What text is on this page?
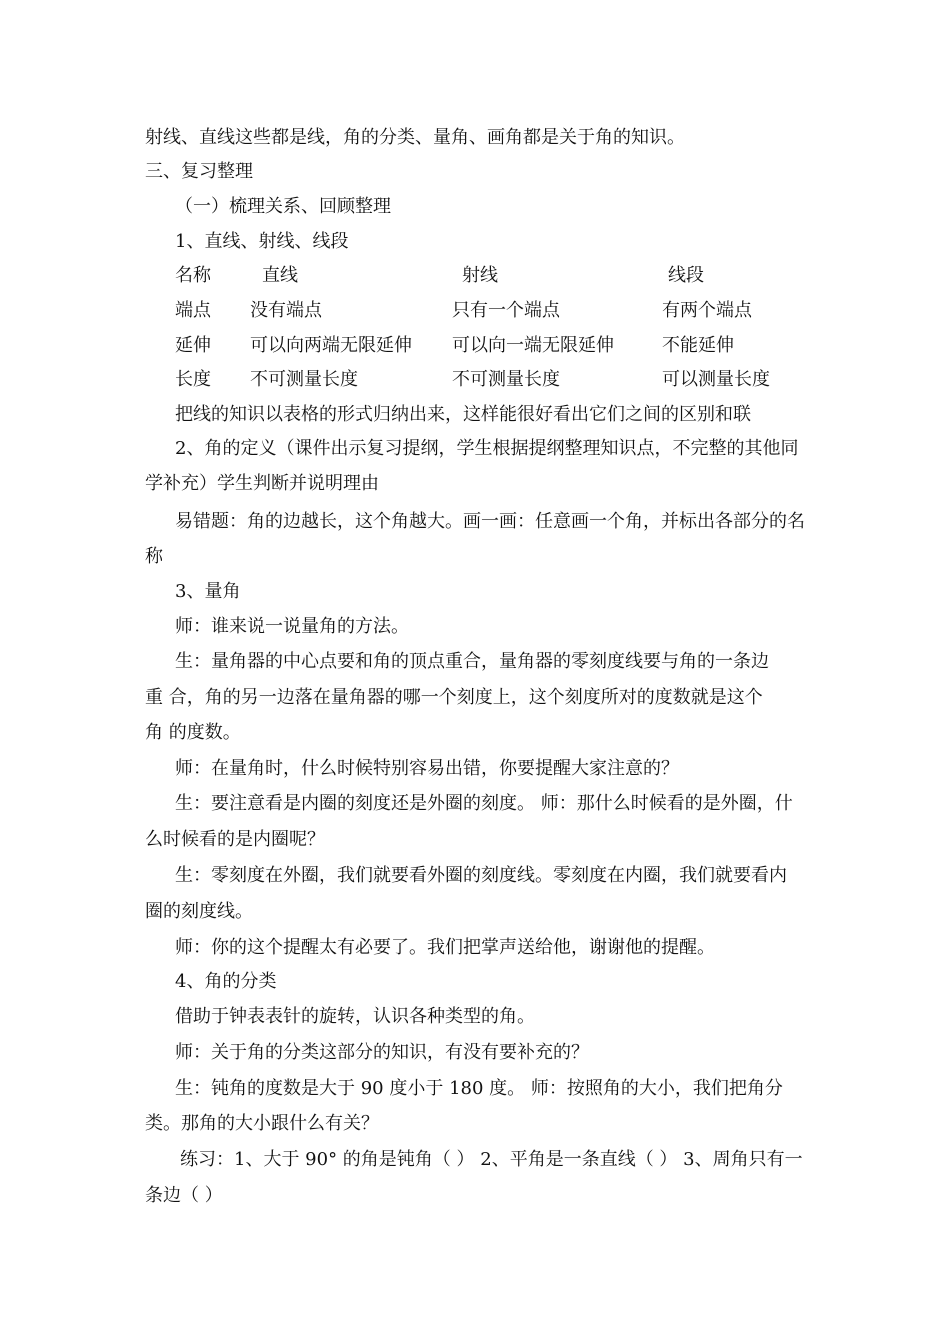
射线、直线这些都是线，角的分类、量角、画角都是关于角的知识。
三、复习整理
（一）梳理关系、回顾整理
1、直线、射线、线段
名称	直线	射线	线段
端点 没有端点	只有一个端点	有两个端点
延伸 可以向两端无限延伸 可以向一端无限延伸	不能延伸
长度 不可测量长度	不可测量长度	可以测量长度
把线的知识以表格的形式归纳出来，这样能很好看出它们之间的区别和联
2、角的定义（课件出示复习提纲，学生根据提纲整理知识点，不完整的其他同
学补充）学生判断并说明理由
易错题：角的边越长，这个角越大。画一画：任意画一个角，并标出各部分的名
称
3、量角
师：谁来说一说量角的方法。
生：量角器的中心点要和角的顶点重合，量角器的零刻度线要与角的一条边
重 合，角的另一边落在量角器的哪一个刻度上，这个刻度所对的度数就是这个
角 的度数。
师：在量角时，什么时候特别容易出错，你要提醒大家注意的？
生：要注意看是内圈的刻度还是外圈的刻度。 师：那什么时候看的是外圈，什
么时候看的是内圈呢？
生：零刻度在外圈，我们就要看外圈的刻度线。零刻度在内圈，我们就要看内
圈的刻度线。
师：你的这个提醒太有必要了。我们把掌声送给他，谢谢他的提醒。
4、角的分类
借助于钟表表针的旋转，认识各种类型的角。
师：关于角的分类这部分的知识，有没有要补充的？
生：钝角的度数是大于 90 度小于 180 度。 师：按照角的大小，我们把角分
类。那角的大小跟什么有关？
练习：1、大于 90° 的角是钝角（ ） 2、平角是一条直线（ ） 3、周角只有一
条边（ ）
